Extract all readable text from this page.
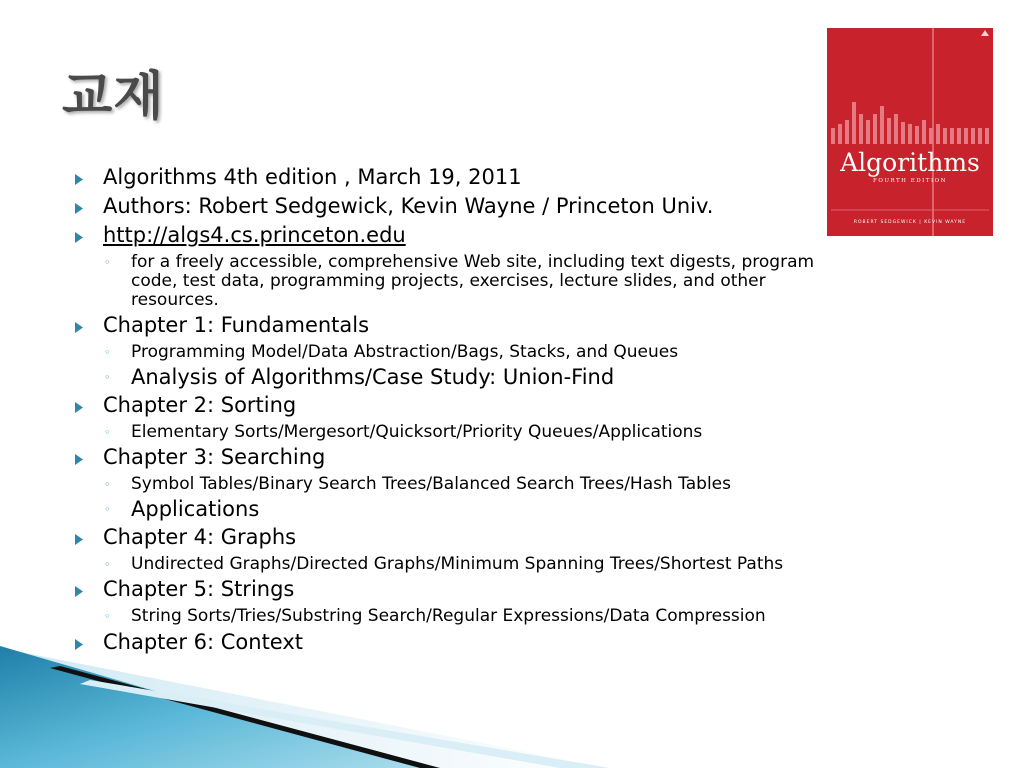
교재
Algorithms
FOURTH EDITION
ROBERT SEDGEWICK | KEVIN WAYNE
Algorithms 4th edition , March 19, 2011
Authors: Robert Sedgewick, Kevin Wayne / Princeton Univ.
http://algs4.cs.princeton.edu
◦ for a freely accessible, comprehensive Web site, including text digests, program code, test data, programming projects, exercises, lecture slides, and other resources.
Chapter 1: Fundamentals
◦ Programming Model/Data Abstraction/Bags, Stacks, and Queues
◦ Analysis of Algorithms/Case Study: Union-Find
Chapter 2: Sorting
◦ Elementary Sorts/Mergesort/Quicksort/Priority Queues/Applications
Chapter 3: Searching
◦ Symbol Tables/Binary Search Trees/Balanced Search Trees/Hash Tables
◦ Applications
Chapter 4: Graphs
◦ Undirected Graphs/Directed Graphs/Minimum Spanning Trees/Shortest Paths
Chapter 5: Strings
◦ String Sorts/Tries/Substring Search/Regular Expressions/Data Compression
Chapter 6: Context
